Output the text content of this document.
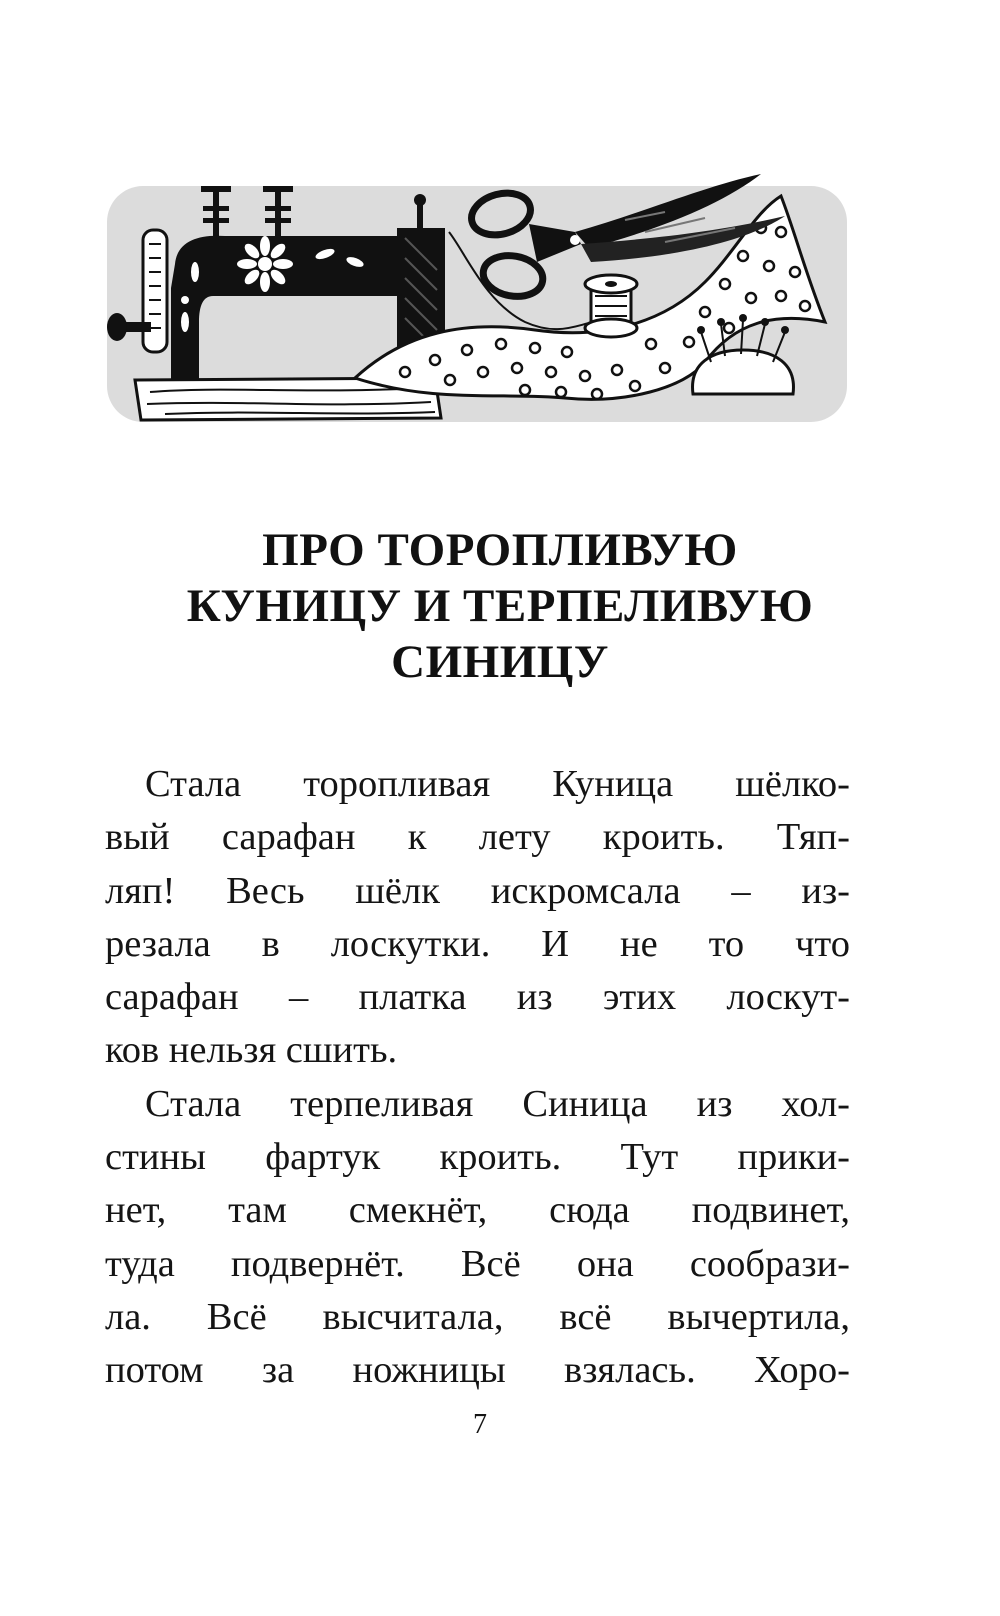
ПРО ТОРОПЛИВУЮ
КУНИЦУ И ТЕРПЕЛИВУЮ
СИНИЦУ
Стала торопливая Куница шёлко-
вый сарафан к лету кроить. Тяп-
ляп! Весь шёлк искромсала – из-
резала в лоскутки. И не то что
сарафан – платка из этих лоскут-
ков нельзя сшить.
Стала терпеливая Синица из хол-
стины фартук кроить. Тут прики-
нет, там смекнёт, сюда подвинет,
туда подвернёт. Всё она сообрази-
ла. Всё высчитала, всё вычертила,
потом за ножницы взялась. Хоро-
7
